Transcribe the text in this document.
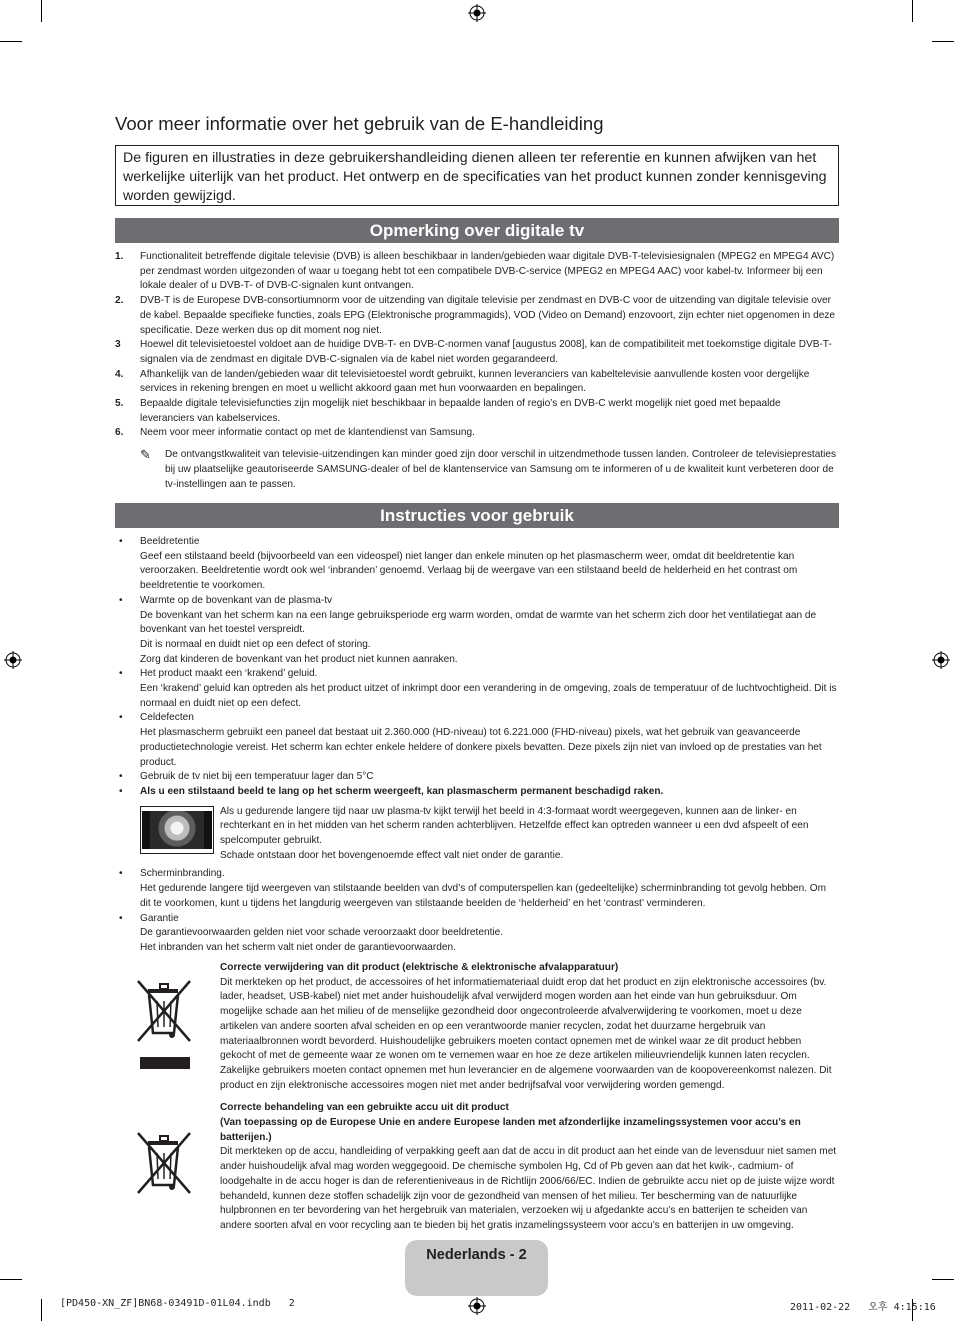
Voor meer informatie over het gebruik van de E-handleiding
De figuren en illustraties in deze gebruikershandleiding dienen alleen ter referentie en kunnen afwijken van het werkelijke uiterlijk van het product. Het ontwerp en de specificaties van het product kunnen zonder kennisgeving worden gewijzigd.
Opmerking over digitale tv
1. Functionaliteit betreffende digitale televisie (DVB) is alleen beschikbaar in landen/gebieden waar digitale DVB-T-televisiesignalen (MPEG2 en MPEG4 AVC) per zendmast worden uitgezonden of waar u toegang hebt tot een compatibele DVB-C-service (MPEG2 en MPEG4 AAC) voor kabel-tv. Informeer bij een lokale dealer of u DVB-T- of DVB-C-signalen kunt ontvangen.
2. DVB-T is de Europese DVB-consortiumnorm voor de uitzending van digitale televisie per zendmast en DVB-C voor de uitzending van digitale televisie over de kabel. Bepaalde specifieke functies, zoals EPG (Elektronische programmagids), VOD (Video on Demand) enzovoort, zijn echter niet opgenomen in deze specificatie. Deze werken dus op dit moment nog niet.
3 Hoewel dit televisietoestel voldoet aan de huidige DVB-T- en DVB-C-normen vanaf [augustus 2008], kan de compatibiliteit met toekomstige digitale DVB-T-signalen via de zendmast en digitale DVB-C-signalen via de kabel niet worden gegarandeerd.
4. Afhankelijk van de landen/gebieden waar dit televisietoestel wordt gebruikt, kunnen leveranciers van kabeltelevisie aanvullende kosten voor dergelijke services in rekening brengen en moet u wellicht akkoord gaan met hun voorwaarden en bepalingen.
5. Bepaalde digitale televisiefuncties zijn mogelijk niet beschikbaar in bepaalde landen of regio’s en DVB-C werkt mogelijk niet goed met bepaalde leveranciers van kabelservices.
6. Neem voor meer informatie contact op met de klantendienst van Samsung.
✎ De ontvangstkwaliteit van televisie-uitzendingen kan minder goed zijn door verschil in uitzendmethode tussen landen. Controleer de televisieprestaties bij uw plaatselijke geautoriseerde SAMSUNG-dealer of bel de klantenservice van Samsung om te informeren of u de kwaliteit kunt verbeteren door de tv-instellingen aan te passen.
Instructies voor gebruik
• Beeldretentie

Geef een stilstaand beeld (bijvoorbeeld van een videospel) niet langer dan enkele minuten op het plasmascherm weer, omdat dit beeldretentie kan veroorzaken. Beeldretentie wordt ook wel ‘inbranden’ genoemd. Verlaag bij de weergave van een stilstaand beeld de helderheid en het contrast om beeldretentie te voorkomen.

• Warmte op de bovenkant van de plasma-tv

De bovenkant van het scherm kan na een lange gebruiksperiode erg warm worden, omdat de warmte van het scherm zich door het ventilatiegat aan de bovenkant van het toestel verspreidt.

Dit is normaal en duidt niet op een defect of storing.

Zorg dat kinderen de bovenkant van het product niet kunnen aanraken.

• Het product maakt een ‘krakend’ geluid.

Een ‘krakend’ geluid kan optreden als het product uitzet of inkrimpt door een verandering in de omgeving, zoals de temperatuur of de luchtvochtigheid. Dit is normaal en duidt niet op een defect.

• Celdefecten

Het plasmascherm gebruikt een paneel dat bestaat uit 2.360.000 (HD-niveau) tot 6.221.000 (FHD-niveau) pixels, wat het gebruik van geavanceerde productietechnologie vereist. Het scherm kan echter enkele heldere of donkere pixels bevatten. Deze pixels zijn niet van invloed op de prestaties van het product.

• Gebruik de tv niet bij een temperatuur lager dan 5°C

• Als u een stilstaand beeld te lang op het scherm weergeeft, kan plasmascherm permanent beschadigd raken.

Als u gedurende langere tijd naar uw plasma-tv kijkt terwijl het beeld in 4:3-formaat wordt weergegeven, kunnen aan de linker- en rechterkant en in het midden van het scherm randen achterblijven. Hetzelfde effect kan optreden wanneer u een dvd afspeelt of een spelcomputer gebruikt.

Schade ontstaan door het bovengenoemde effect valt niet onder de garantie.

• Scherminbranding.

Het gedurende langere tijd weergeven van stilstaande beelden van dvd’s of computerspellen kan (gedeeltelijke) scherminbranding tot gevolg hebben. Om dit te voorkomen, kunt u tijdens het langdurig weergeven van stilstaande beelden de ‘helderheid’ en het ‘contrast’ verminderen.

• Garantie

De garantievoorwaarden gelden niet voor schade veroorzaakt door beeldretentie.

Het inbranden van het scherm valt niet onder de garantievoorwaarden.

Correcte verwijdering van dit product (elektrische & elektronische afvalapparatuur)

Dit merkteken op het product, de accessoires of het informatiemateriaal duidt erop dat het product en zijn elektronische accessoires (bv. lader, headset, USB-kabel) niet met ander huishoudelijk afval verwijderd mogen worden aan het einde van hun gebruiksduur. Om mogelijke schade aan het milieu of de menselijke gezondheid door ongecontroleerde afvalverwijdering te voorkomen, moet u deze artikelen van andere soorten afval scheiden en op een verantwoorde manier recyclen, zodat het duurzame hergebruik van materiaalbronnen wordt bevorderd. Huishoudelijke gebruikers moeten contact opnemen met de winkel waar ze dit product hebben gekocht of met de gemeente waar ze wonen om te vernemen waar en hoe ze deze artikelen milieuvriendelijk kunnen laten recyclen. Zakelijke gebruikers moeten contact opnemen met hun leverancier en de algemene voorwaarden van de koopovereenkomst nalezen. Dit product en zijn elektronische accessoires mogen niet met ander bedrijfsafval voor verwijdering worden gemengd.

Correcte behandeling van een gebruikte accu uit dit product

(Van toepassing op de Europese Unie en andere Europese landen met afzonderlijke inzamelingssystemen voor accu’s en batterijen.)

Dit merkteken op de accu, handleiding of verpakking geeft aan dat de accu in dit product aan het einde van de levensduur niet samen met ander huishoudelijk afval mag worden weggegooid. De chemische symbolen Hg, Cd of Pb geven aan dat het kwik-, cadmium- of loodgehalte in de accu hoger is dan de referentieniveaus in de Richtlijn 2006/66/EC. Indien de gebruikte accu niet op de juiste wijze wordt behandeld, kunnen deze stoffen schadelijk zijn voor de gezondheid van mensen of het milieu. Ter bescherming van de natuurlijke hulpbronnen en ter bevordering van het hergebruik van materialen, verzoeken wij u afgedankte accu’s en batterijen te scheiden van andere soorten afval en voor recycling aan te bieden bij het gratis inzamelingssysteem voor accu’s en batterijen in uw omgeving.

Nederlands - 2
[PD450-XN_ZF]BN68-03491D-01L04.indb   2	2011-02-22   오후 4:15:16
